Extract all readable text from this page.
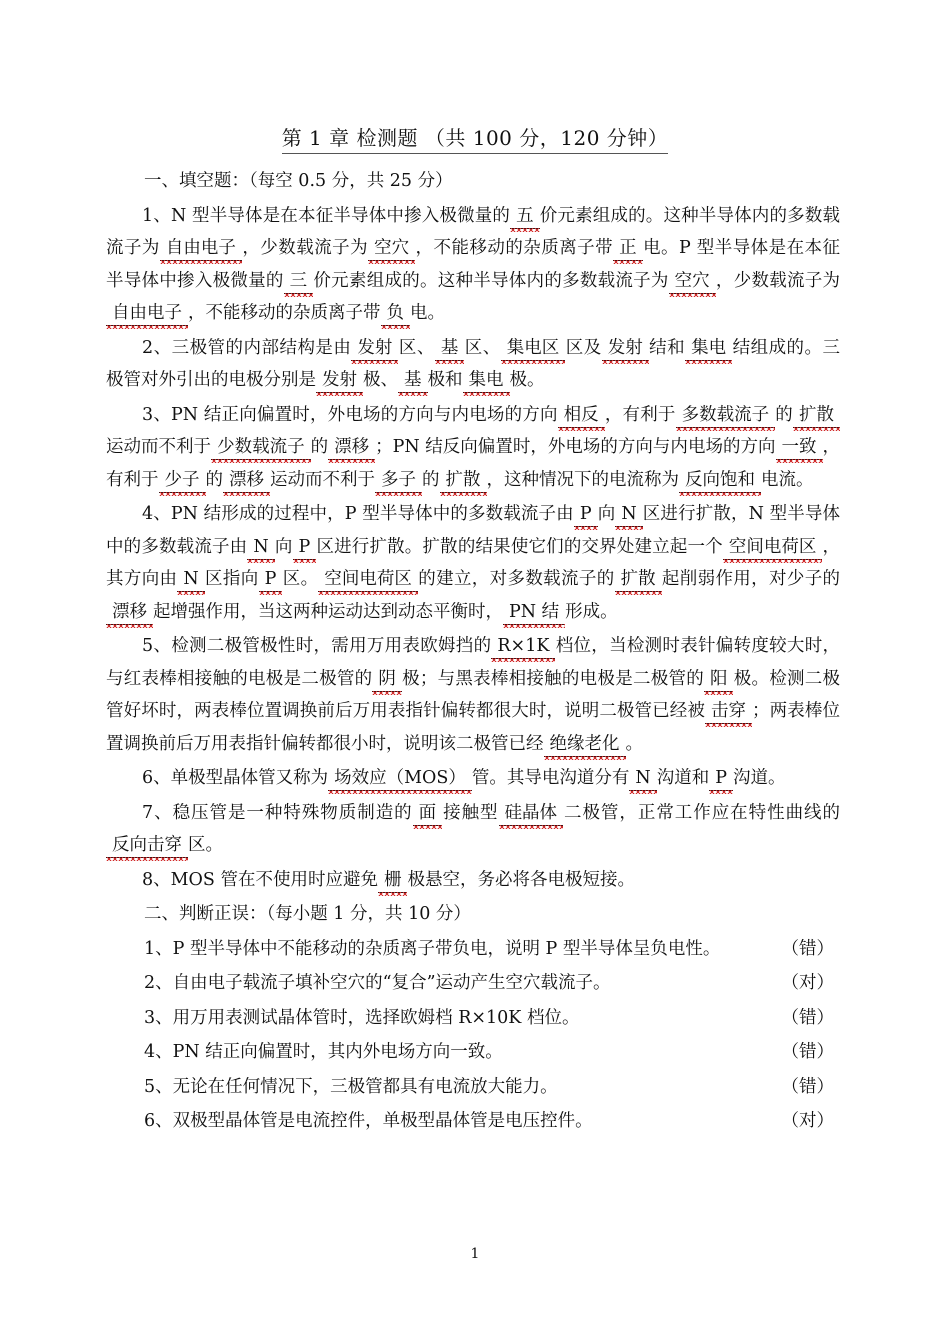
第 1 章 检测题 （共 100 分，120 分钟）

一、填空题：（每空 0.5 分，共 25 分）

1、N 型半导体是在本征半导体中掺入极微量的 五 价元素组成的。这种半导体内的多数载流子为 自由电子 ，少数载流子为 空穴 ，不能移动的杂质离子带 正 电。P 型半导体是在本征半导体中掺入极微量的 三 价元素组成的。这种半导体内的多数载流子为 空穴 ，少数载流子为自由电子 ，不能移动的杂质离子带 负 电。

2、三极管的内部结构是由 发射 区、 基 区、 集电区 区及 发射 结和 集电 结组成的。三极管对外引出的电极分别是 发射 极、 基 极和 集电 极。

3、PN 结正向偏置时，外电场的方向与内电场的方向 相反 ，有利于 多数载流子 的 扩散
运动而不利于 少数载流子 的 漂移 ；PN 结反向偏置时，外电场的方向与内电场的方向 一致 ，有利于 少子 的 漂移 运动而不利于 多子 的 扩散 ，这种情况下的电流称为 反向饱和 电流。

4、PN 结形成的过程中，P 型半导体中的多数载流子由 P 向 N 区进行扩散，N 型半导体中的多数载流子由 N 向 P 区进行扩散。扩散的结果使它们的交界处建立起一个 空间电荷区 ，其方向由 N 区指向 P 区。 空间电荷区 的建立，对多数载流子的 扩散 起削弱作用，对少子的漂移 起增强作用，当这两种运动达到动态平衡时， PN 结 形成。

5、检测二极管极性时，需用万用表欧姆挡的 R×1K 档位，当检测时表针偏转度较大时，与红表棒相接触的电极是二极管的 阴 极；与黑表棒相接触的电极是二极管的 阳 极。检测二极管好坏时，两表棒位置调换前后万用表指针偏转都很大时，说明二极管已经被 击穿 ；两表棒位置调换前后万用表指针偏转都很小时，说明该二极管已经 绝缘老化 。

6、单极型晶体管又称为 场效应（MOS） 管。其导电沟道分有 N 沟道和 P 沟道。

7、稳压管是一种特殊物质制造的 面 接触型 硅晶体 二极管，正常工作应在特性曲线的反向击穿 区。

8、MOS 管在不使用时应避免 栅 极悬空，务必将各电极短接。

二、判断正误：（每小题 1 分，共 10 分）

1、P 型半导体中不能移动的杂质离子带负电，说明 P 型半导体呈负电性。	（错）
2、自由电子载流子填补空穴的“复合”运动产生空穴载流子。	（对）
3、用万用表测试晶体管时，选择欧姆档 R×10K 档位。	（错）
4、PN 结正向偏置时，其内外电场方向一致。	（错）
5、无论在任何情况下，三极管都具有电流放大能力。	（错）
6、双极型晶体管是电流控件，单极型晶体管是电压控件。	（对）
1
